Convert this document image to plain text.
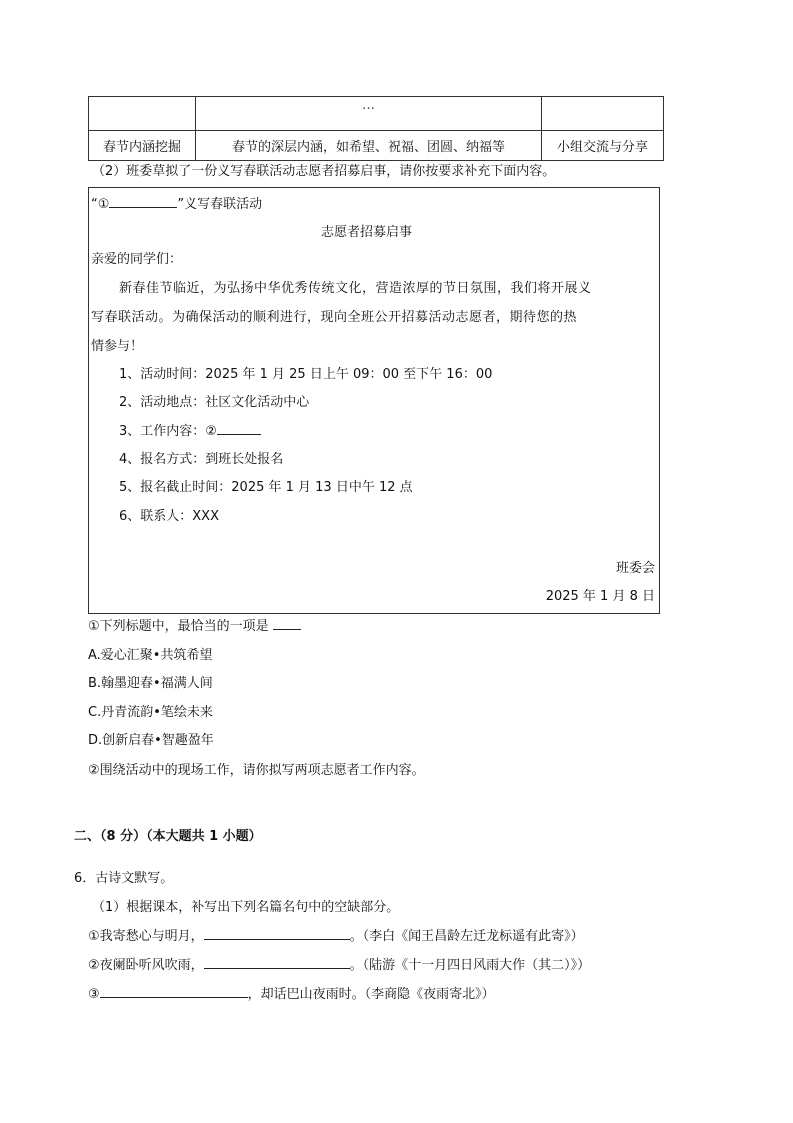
	…	
春节内涵挖掘	春节的深层内涵，如希望、祝福、团圆、纳福等	小组交流与分享
（2）班委草拟了一份义写春联活动志愿者招募启事，请你按要求补充下面内容。
“①	”义写春联活动
志愿者招募启事
亲爱的同学们：
新春佳节临近，为弘扬中华优秀传统文化，营造浓厚的节日氛围，我们将开展义
写春联活动。为确保活动的顺利进行，现向全班公开招募活动志愿者，期待您的热
情参与！
1、活动时间：2025 年 1 月 25 日上午 09：00 至下午 16：00
2、活动地点：社区文化活动中心
3、工作内容：②
4、报名方式：到班长处报名
5、报名截止时间：2025 年 1 月 13 日中午 12 点
6、联系人：XXX
班委会
2025 年 1 月 8 日
①下列标题中，最恰当的一项是
A.爱心汇聚•共筑希望
B.翰墨迎春•福满人间
C.丹青流韵•笔绘未来
D.创新启春•智趣盈年
②围绕活动中的现场工作，请你拟写两项志愿者工作内容。
二、（8 分）（本大题共 1 小题）
6．古诗文默写。
（1）根据课本，补写出下列名篇名句中的空缺部分。
①我寄愁心与明月，	。（李白《闻王昌龄左迁龙标遥有此寄》）
②夜阑卧听风吹雨，	。（陆游《十一月四日风雨大作（其二）》）
③	，却话巴山夜雨时。（李商隐《夜雨寄北》）
